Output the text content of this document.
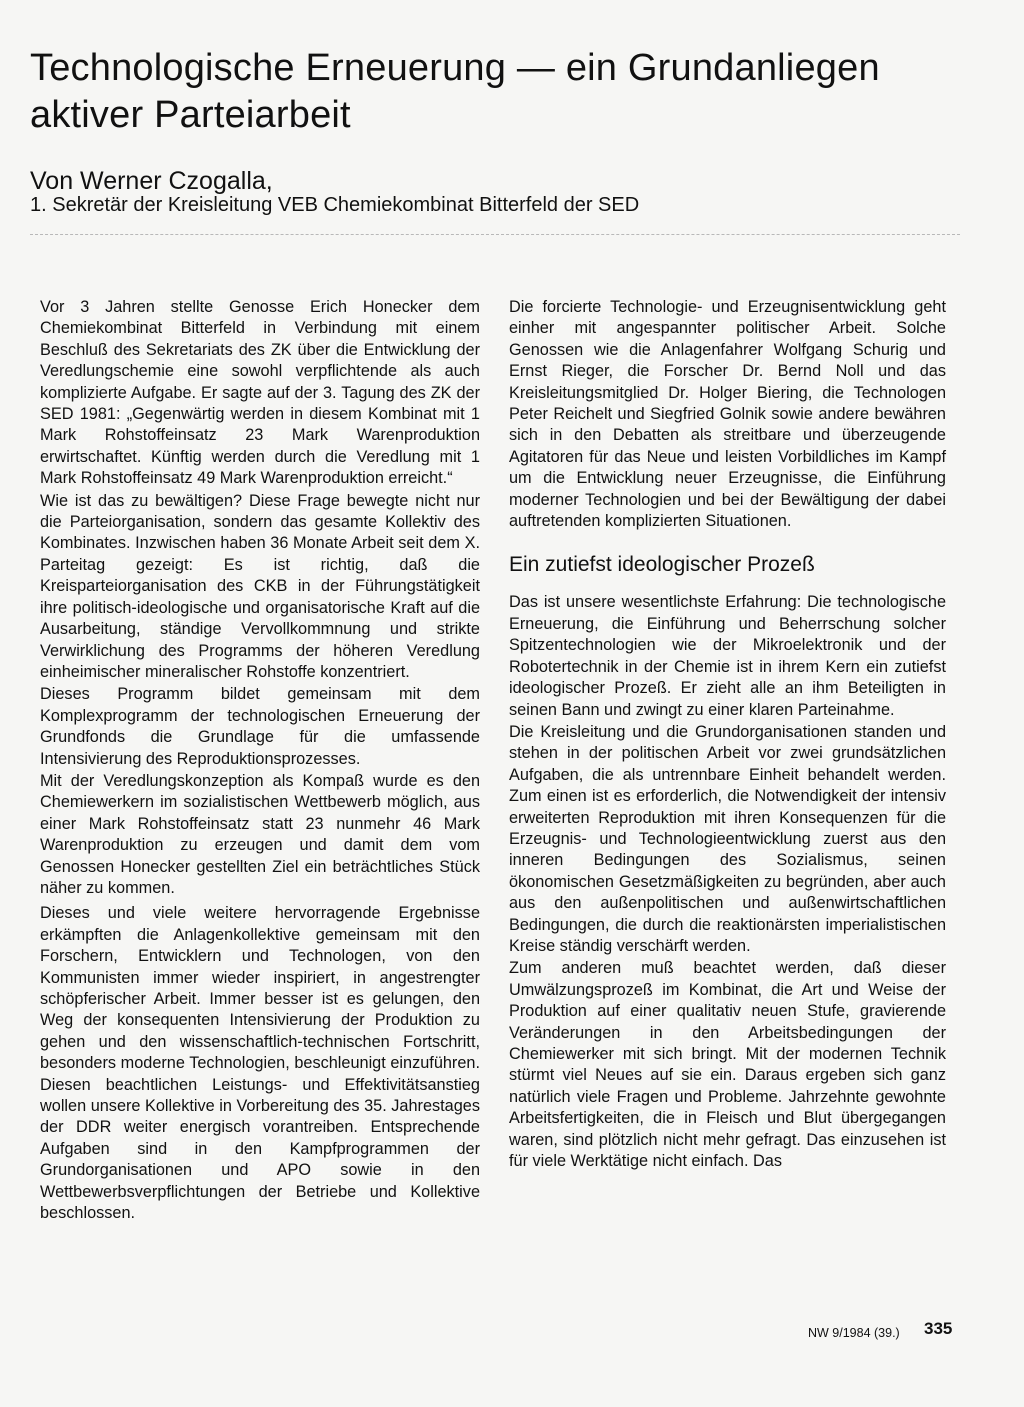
Technologische Erneuerung — ein Grundanliegen aktiver Parteiarbeit
Von Werner Czogalla,
1. Sekretär der Kreisleitung VEB Chemiekombinat Bitterfeld der SED

Vor 3 Jahren stellte Genosse Erich Honecker dem Chemiekombinat Bitterfeld in Verbindung mit einem Beschluß des Sekretariats des ZK über die Entwicklung der Veredlungschemie eine sowohl verpflichtende als auch komplizierte Aufgabe. Er sagte auf der 3. Tagung des ZK der SED 1981: „Gegenwärtig werden in diesem Kombinat mit 1 Mark Rohstoffeinsatz 23 Mark Warenproduktion erwirtschaftet. Künftig werden durch die Veredlung mit 1 Mark Rohstoffeinsatz 49 Mark Warenproduktion erreicht.“

Wie ist das zu bewältigen? Diese Frage bewegte nicht nur die Parteiorganisation, sondern das gesamte Kollektiv des Kombinates. Inzwischen haben 36 Monate Arbeit seit dem X. Parteitag gezeigt: Es ist richtig, daß die Kreisparteiorganisation des CKB in der Führungstätigkeit ihre politisch-ideologische und organisatorische Kraft auf die Ausarbeitung, ständige Vervollkommnung und strikte Verwirklichung des Programms der höheren Veredlung einheimischer mineralischer Rohstoffe konzentriert.

Dieses Programm bildet gemeinsam mit dem Komplexprogramm der technologischen Erneuerung der Grundfonds die Grundlage für die umfassende Intensivierung des Reproduktionsprozesses.

Mit der Veredlungskonzeption als Kompaß wurde es den Chemiewerkern im sozialistischen Wettbewerb möglich, aus einer Mark Rohstoffeinsatz statt 23 nunmehr 46 Mark Warenproduktion zu erzeugen und damit dem vom Genossen Honecker gestellten Ziel ein beträchtliches Stück näher zu kommen.

Dieses und viele weitere hervorragende Ergebnisse erkämpften die Anlagenkollektive gemeinsam mit den Forschern, Entwicklern und Technologen, von den Kommunisten immer wieder inspiriert, in angestrengter schöpferischer Arbeit. Immer besser ist es gelungen, den Weg der konsequenten Intensivierung der Produktion zu gehen und den wissenschaftlich-technischen Fortschritt, besonders moderne Technologien, beschleunigt einzuführen. Diesen beachtlichen Leistungs- und Effektivitätsanstieg wollen unsere Kollektive in Vorbereitung des 35. Jahrestages der DDR weiter energisch vorantreiben. Entsprechende Aufgaben sind in den Kampfprogrammen der Grundorganisationen und APO sowie in den Wettbewerbsverpflichtungen der Betriebe und Kollektive beschlossen.

Die forcierte Technologie- und Erzeugnisentwicklung geht einher mit angespannter politischer Arbeit. Solche Genossen wie die Anlagenfahrer Wolfgang Schurig und Ernst Rieger, die Forscher Dr. Bernd Noll und das Kreisleitungsmitglied Dr. Holger Biering, die Technologen Peter Reichelt und Siegfried Golnik sowie andere bewähren sich in den Debatten als streitbare und überzeugende Agitatoren für das Neue und leisten Vorbildliches im Kampf um die Entwicklung neuer Erzeugnisse, die Einführung moderner Technologien und bei der Bewältigung der dabei auftretenden komplizierten Situationen.

Ein zutiefst ideologischer Prozeß

Das ist unsere wesentlichste Erfahrung: Die technologische Erneuerung, die Einführung und Beherrschung solcher Spitzentechnologien wie der Mikroelektronik und der Robotertechnik in der Chemie ist in ihrem Kern ein zutiefst ideologischer Prozeß. Er zieht alle an ihm Beteiligten in seinen Bann und zwingt zu einer klaren Parteinahme.

Die Kreisleitung und die Grundorganisationen standen und stehen in der politischen Arbeit vor zwei grundsätzlichen Aufgaben, die als untrennbare Einheit behandelt werden. Zum einen ist es erforderlich, die Notwendigkeit der intensiv erweiterten Reproduktion mit ihren Konsequenzen für die Erzeugnis- und Technologieentwicklung zuerst aus den inneren Bedingungen des Sozialismus, seinen ökonomischen Gesetzmäßigkeiten zu begründen, aber auch aus den außenpolitischen und außenwirtschaftlichen Bedingungen, die durch die reaktionärsten imperialistischen Kreise ständig verschärft werden.

Zum anderen muß beachtet werden, daß dieser Umwälzungsprozeß im Kombinat, die Art und Weise der Produktion auf einer qualitativ neuen Stufe, gravierende Veränderungen in den Arbeitsbedingungen der Chemiewerker mit sich bringt. Mit der modernen Technik stürmt viel Neues auf sie ein. Daraus ergeben sich ganz natürlich viele Fragen und Probleme. Jahrzehnte gewohnte Arbeitsfertigkeiten, die in Fleisch und Blut übergegangen waren, sind plötzlich nicht mehr gefragt. Das einzusehen ist für viele Werktätige nicht einfach. Das

NW 9/1984 (39.) 335
